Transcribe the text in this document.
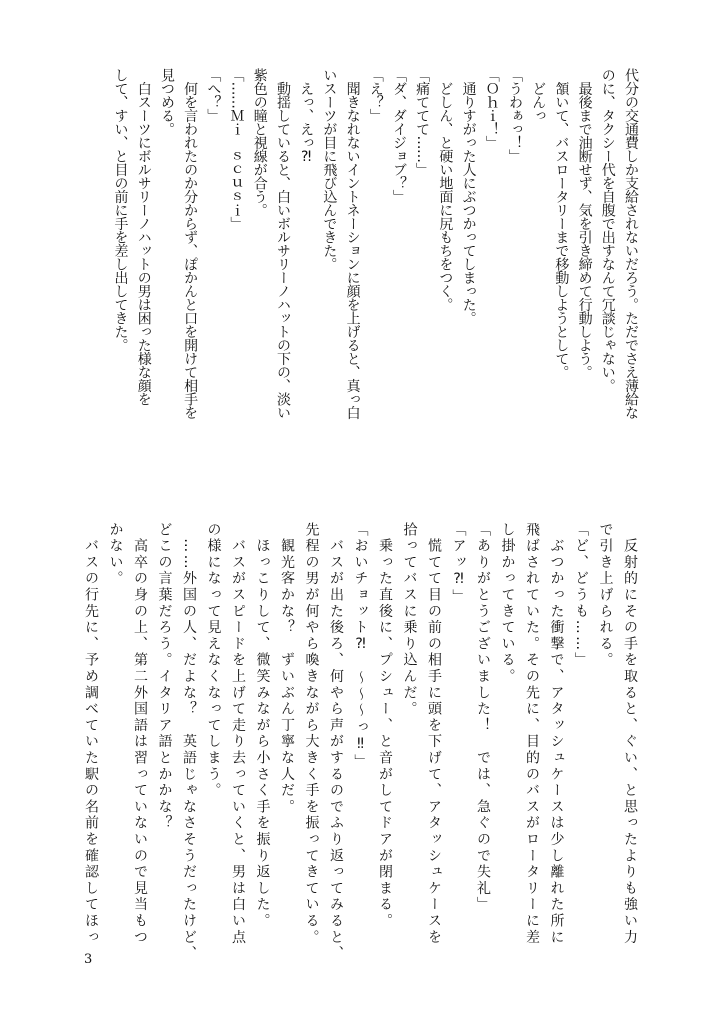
代分の交通費しか支給されないだろう。ただでさえ薄給な

のに、タクシー代を自腹で出すなんて冗談じゃない。

　最後まで油断せず、気を引き締めて行動しよう。

　頷いて、バスロータリーまで移動しようとして。

　どんっ

「うわぁっ！」

「Ｏｈｉ！」

　通りすがった人にぶつかってしまった。

　どしん、と硬い地面に尻もちをつく。

「痛ててて……」

「ダ、ダイジョブ？」

「え？」

　聞きなれないイントネーションに顔を上げると、真っ白

いスーツが目に飛び込んできた。

　えっ、えっ⁈

　動揺していると、白いボルサリーノハットの下の、淡い

紫色の瞳と視線が合う。

「……Ｍｉ　ｓｃｕｓｉ」

「へ？」

　何を言われたのか分からず、ぽかんと口を開けて相手を

見つめる。

　白スーツにボルサリーノハットの男は困った様な顔を

して、すい、と目の前に手を差し出してきた。

　反射的にその手を取ると、ぐい、と思ったよりも強い力

で引き上げられる。

「ど、どうも……」

　ぶつかった衝撃で、アタッシュケースは少し離れた所に

飛ばされていた。その先に、目的のバスがロータリーに差

し掛かってきている。

「ありがとうございました！　では、急ぐので失礼」

「アッ⁈」

　慌てて目の前の相手に頭を下げて、アタッシュケースを

拾ってバスに乗り込んだ。

　乗った直後に、プシュー、と音がしてドアが閉まる。

「おいチョット⁈　〜〜〜っ‼」

　バスが出た後ろ、何やら声がするのでふり返ってみると、

先程の男が何やら喚きながら大きく手を振ってきている。

　観光客かな？　ずいぶん丁寧な人だ。

　ほっこりして、微笑みながら小さく手を振り返した。

　バスがスピードを上げて走り去っていくと、男は白い点

の様になって見えなくなってしまう。

　……外国の人、だよな？　英語じゃなさそうだったけど、

どこの言葉だろう。イタリア語とかかな？

　高卒の身の上、第二外国語は習っていないので見当もつ

かない。

　バスの行先に、予め調べていた駅の名前を確認してほっ

3
